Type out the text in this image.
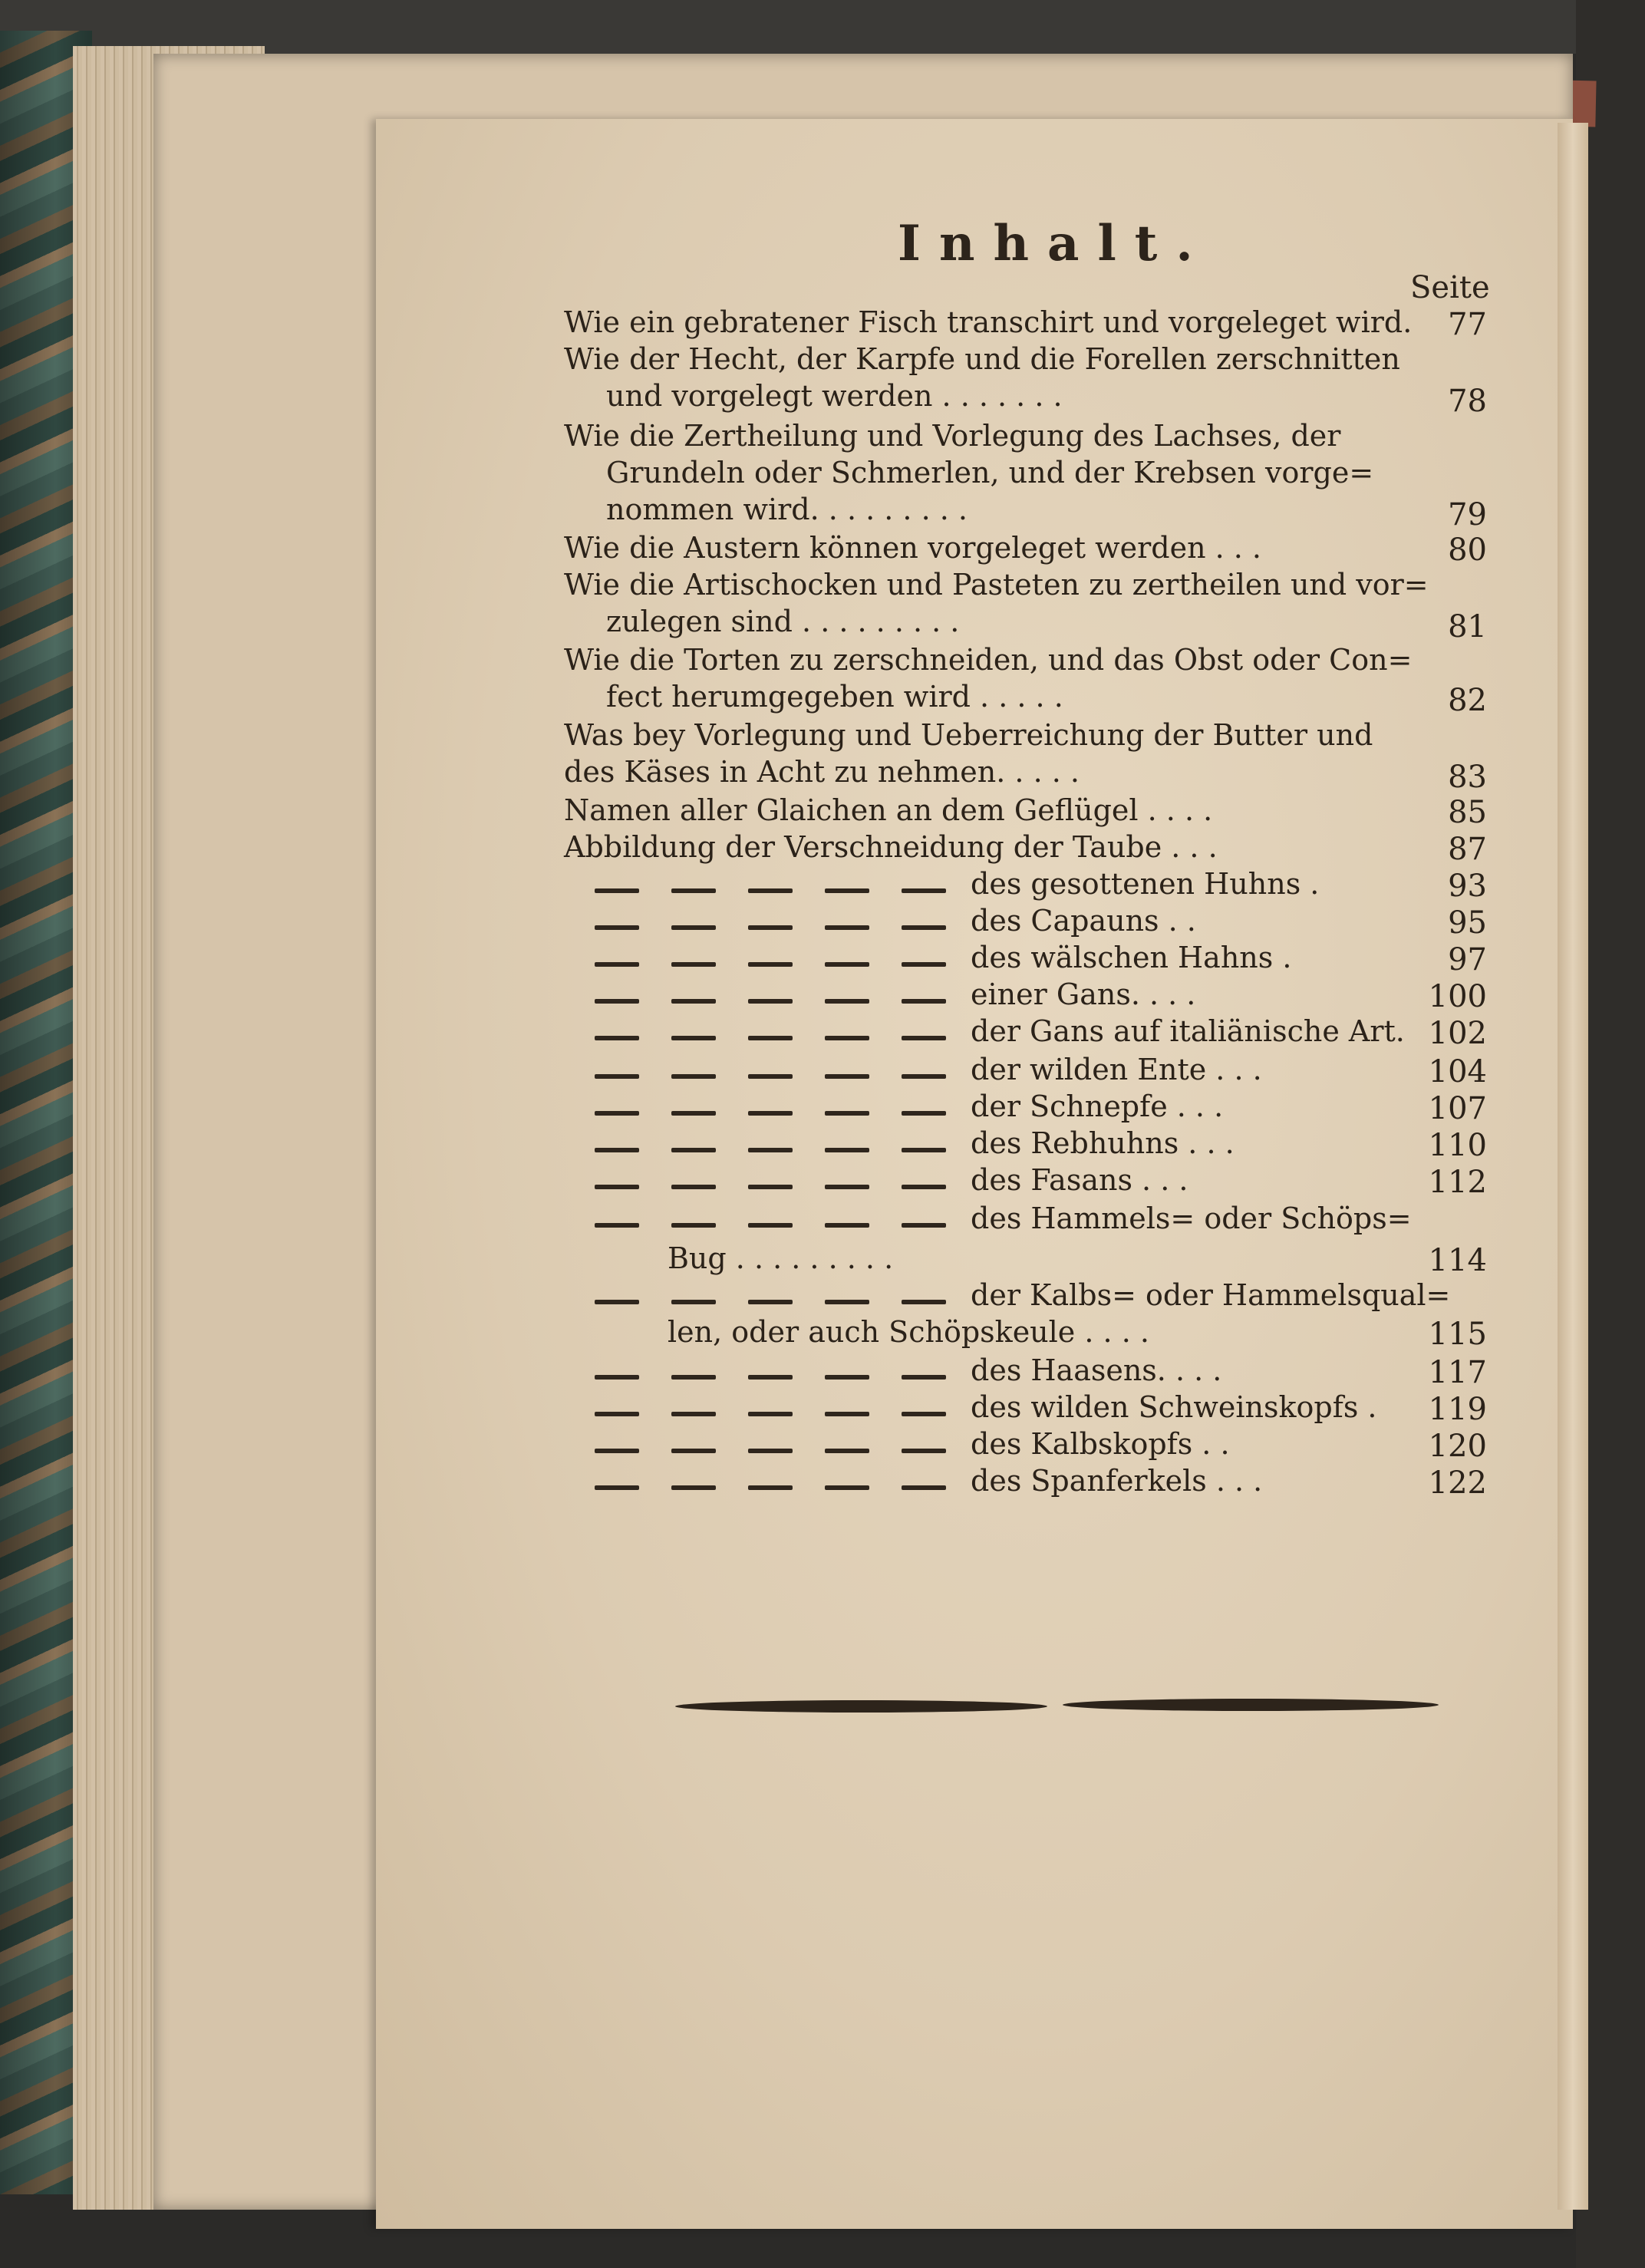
Inhalt.
Seite
Wie ein gebratener Fisch transchirt und vorgeleget wird.	77
Wie der Hecht, der Karpfe und die Forellen zerschnitten
und vorgelegt werden . . . . . . .	78
Wie die Zertheilung und Vorlegung des Lachses, der
Grundeln oder Schmerlen, und der Krebsen vorge=
nommen wird. . . . . . . . .	79
Wie die Austern können vorgeleget werden . . .	80
Wie die Artischocken und Pasteten zu zertheilen und vor=
zulegen sind . . . . . . . . .	81
Wie die Torten zu zerschneiden, und das Obst oder Con=
fect herumgegeben wird . . . . .	82
Was bey Vorlegung und Ueberreichung der Butter und
des Käses in Acht zu nehmen. . . . .	83
Namen aller Glaichen an dem Geflügel . . . .	85
Abbildung der Verschneidung der Taube . . .	87
des gesottenen Huhns .	93
des Capauns . .	95
des wälschen Hahns .	97
einer Gans. . . .	100
der Gans auf italiänische Art. 102
der wilden Ente . . .	104
der Schnepfe . . .	107
des Rebhuhns . . .	110
des Fasans . . .	112
des Hammels= oder Schöps=
Bug . . . . . . . . .	114
der Kalbs= oder Hammelsqual=
len, oder auch Schöpskeule . . . .	115
des Haasens. . . .	117
des wilden Schweinskopfs . 119
des Kalbskopfs . .	120
des Spanferkels . . .	122
